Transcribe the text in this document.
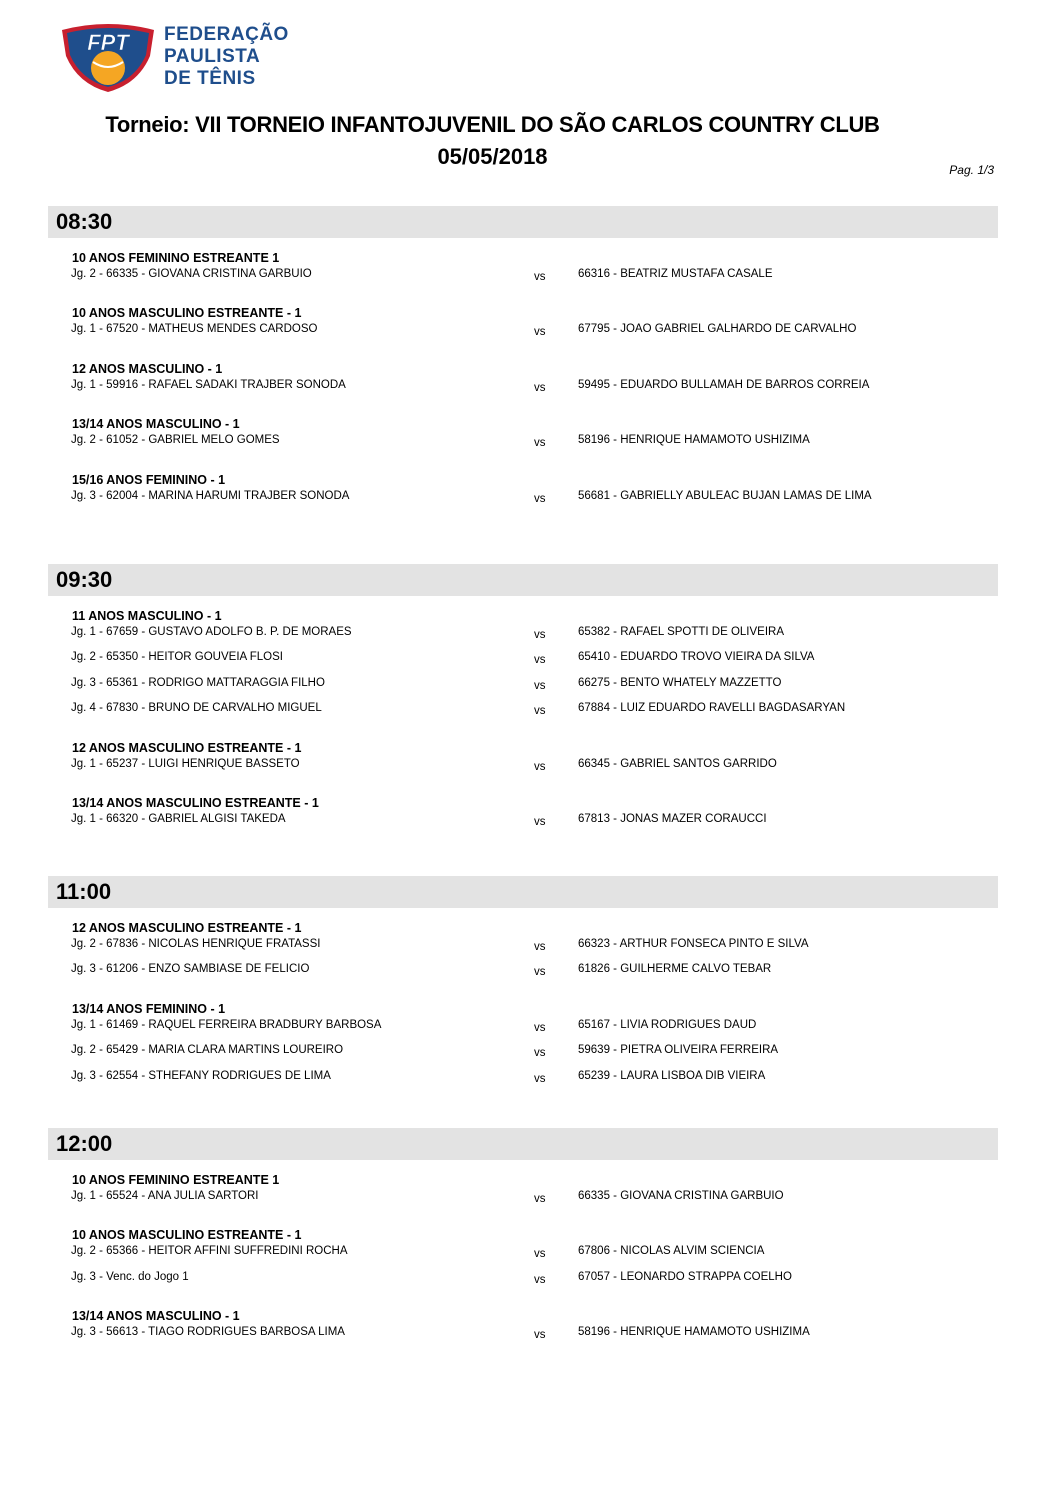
FPT FEDERAÇÃO
PAULISTA
DE TÊNIS
Torneio: VII TORNEIO INFANTOJUVENIL DO SÃO CARLOS COUNTRY CLUB
05/05/2018
Pag. 1/3
08:30
10 ANOS FEMININO ESTREANTE 1
Jg. 2 - 66335 - GIOVANA CRISTINA GARBUIO	vs	66316 - BEATRIZ MUSTAFA CASALE
10 ANOS MASCULINO ESTREANTE - 1
Jg. 1 - 67520 - MATHEUS MENDES CARDOSO	vs	67795 - JOAO GABRIEL GALHARDO DE CARVALHO
12 ANOS MASCULINO - 1
Jg. 1 - 59916 - RAFAEL SADAKI TRAJBER SONODA	vs	59495 - EDUARDO BULLAMAH DE BARROS CORREIA
13/14 ANOS MASCULINO - 1
Jg. 2 - 61052 - GABRIEL MELO GOMES	vs	58196 - HENRIQUE HAMAMOTO USHIZIMA
15/16 ANOS FEMININO - 1
Jg. 3 - 62004 - MARINA HARUMI TRAJBER SONODA	vs	56681 - GABRIELLY ABULEAC BUJAN LAMAS DE LIMA
09:30
11 ANOS MASCULINO - 1
Jg. 1 - 67659 - GUSTAVO ADOLFO B. P. DE MORAES	vs	65382 - RAFAEL SPOTTI DE OLIVEIRA
Jg. 2 - 65350 - HEITOR GOUVEIA FLOSI	vs	65410 - EDUARDO TROVO VIEIRA DA SILVA
Jg. 3 - 65361 - RODRIGO MATTARAGGIA FILHO	vs	66275 - BENTO WHATELY MAZZETTO
Jg. 4 - 67830 - BRUNO DE CARVALHO MIGUEL	vs	67884 - LUIZ EDUARDO RAVELLI BAGDASARYAN
12 ANOS MASCULINO ESTREANTE - 1
Jg. 1 - 65237 - LUIGI HENRIQUE BASSETO	vs	66345 - GABRIEL SANTOS GARRIDO
13/14 ANOS MASCULINO ESTREANTE - 1
Jg. 1 - 66320 - GABRIEL ALGISI TAKEDA	vs	67813 - JONAS MAZER CORAUCCI
11:00
12 ANOS MASCULINO ESTREANTE - 1
Jg. 2 - 67836 - NICOLAS HENRIQUE FRATASSI	vs	66323 - ARTHUR FONSECA PINTO E SILVA
Jg. 3 - 61206 - ENZO SAMBIASE DE FELICIO	vs	61826 - GUILHERME CALVO TEBAR
13/14 ANOS FEMININO - 1
Jg. 1 - 61469 - RAQUEL FERREIRA BRADBURY BARBOSA	vs	65167 - LIVIA RODRIGUES DAUD
Jg. 2 - 65429 - MARIA CLARA MARTINS LOUREIRO	vs	59639 - PIETRA OLIVEIRA FERREIRA
Jg. 3 - 62554 - STHEFANY RODRIGUES DE LIMA	vs	65239 - LAURA LISBOA DIB VIEIRA
12:00
10 ANOS FEMININO ESTREANTE 1
Jg. 1 - 65524 - ANA JULIA SARTORI	vs	66335 - GIOVANA CRISTINA GARBUIO
10 ANOS MASCULINO ESTREANTE - 1
Jg. 2 - 65366 - HEITOR AFFINI SUFFREDINI ROCHA	vs	67806 - NICOLAS ALVIM SCIENCIA
Jg. 3 - Venc. do Jogo 1	vs	67057 - LEONARDO STRAPPA COELHO
13/14 ANOS MASCULINO - 1
Jg. 3 - 56613 - TIAGO RODRIGUES BARBOSA LIMA	vs	58196 - HENRIQUE HAMAMOTO USHIZIMA
